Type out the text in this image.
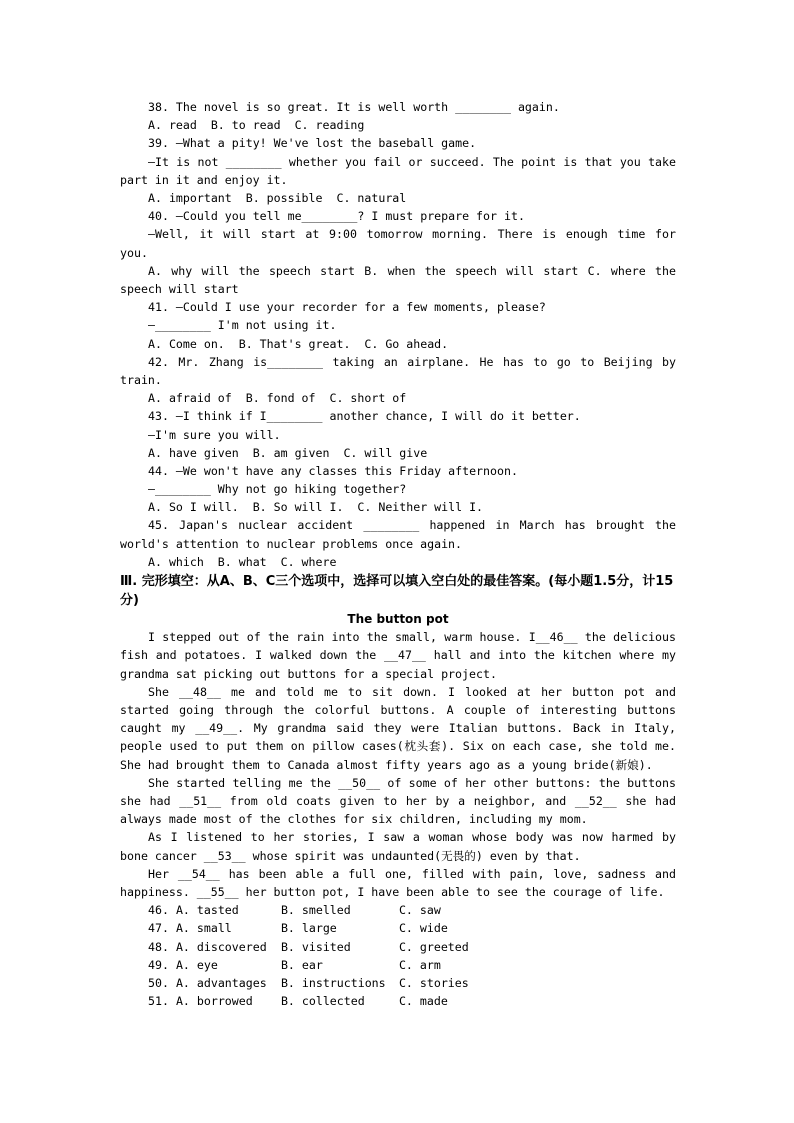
38. The novel is so great. It is well worth ________ again.
A. read  B. to read  C. reading
39. —What a pity! We've lost the baseball game.
—It is not ________ whether you fail or succeed. The point is that you take part in it and enjoy it.
A. important  B. possible  C. natural
40. —Could you tell me________? I must prepare for it.
—Well, it will start at 9:00 tomorrow morning. There is enough time for you.
A. why will the speech start B. when the speech will start C. where the speech will start
41. —Could I use your recorder for a few moments, please?
—________ I'm not using it.
A. Come on.  B. That's great.  C. Go ahead.
42. Mr. Zhang is________ taking an airplane. He has to go to Beijing by train.
A. afraid of  B. fond of  C. short of
43. —I think if I________ another chance, I will do it better.
—I'm sure you will.
A. have given  B. am given  C. will give
44. —We won't have any classes this Friday afternoon.
—________ Why not go hiking together?
A. So I will.  B. So will I.  C. Neither will I.
45. Japan's nuclear accident ________ happened in March has brought the world's attention to nuclear problems once again.
A. which  B. what  C. where
Ⅲ. 完形填空：从A、B、C三个选项中，选择可以填入空白处的最佳答案。(每小题1.5分，计15分)
The button pot
I stepped out of the rain into the small, warm house. I__46__ the delicious fish and potatoes. I walked down the __47__ hall and into the kitchen where my grandma sat picking out buttons for a special project.
She __48__ me and told me to sit down. I looked at her button pot and started going through the colorful buttons. A couple of interesting buttons caught my __49__. My grandma said they were Italian buttons. Back in Italy, people used to put them on pillow cases(枕头套). Six on each case, she told me. She had brought them to Canada almost fifty years ago as a young bride(新娘).
She started telling me the __50__ of some of her other buttons: the buttons she had __51__ from old coats given to her by a neighbor, and __52__ she had always made most of the clothes for six children, including my mom.
As I listened to her stories, I saw a woman whose body was now harmed by bone cancer __53__ whose spirit was undaunted(无畏的) even by that.
Her __54__ has been able a full one, filled with pain, love, sadness and happiness. __55__ her button pot, I have been able to see the courage of life.
46. A. tasted	B. smelled	C. saw
47. A. small	B. large	C. wide
48. A. discovered B. visited	C. greeted
49. A. eye	B. ear	C. arm
50. A. advantages B. instructions C. stories
51. A. borrowed B. collected	C. made
